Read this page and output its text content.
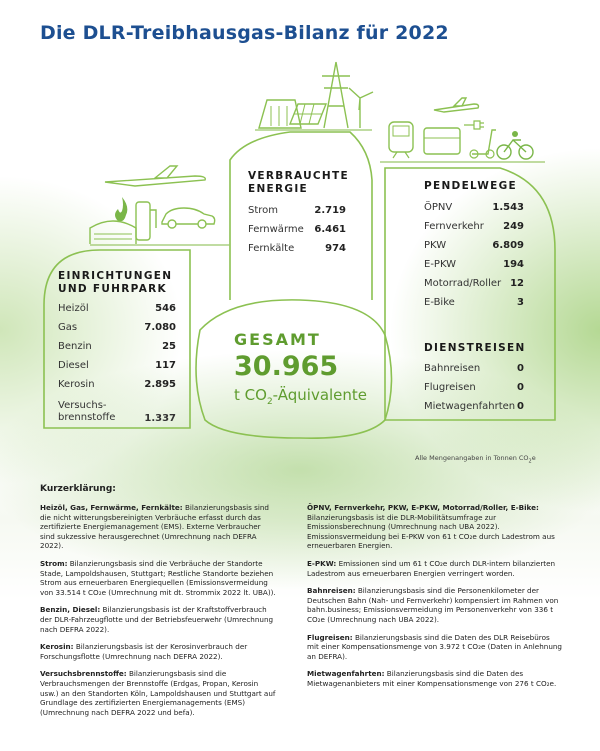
Die DLR-Treibhausgas-Bilanz für 2022
EINRICHTUNGEN
UND FUHRPARK
Heizöl	546
Gas	7.080
Benzin	25
Diesel	117
Kerosin	2.895
Versuchs-
brennstoffe	1.337
VERBRAUCHTE
ENERGIE
Strom	2.719
Fernwärme 6.461
Fernkälte	974
PENDELWEGE
ÖPNV	1.543
Fernverkehr 249
PKW	6.809
E-PKW	194
Motorrad/Roller 12
E-Bike	3
DIENSTREISEN
Bahnreisen	0
Flugreisen	0
Mietwagenfahrten 0
GESAMT
30.965
t $CO_2$-Äquivalente
Alle Mengenangaben in Tonnen $CO_2e$
Kurzerklärung:

Heizöl, Gas, Fernwärme, Fernkälte: Bilanzierungsbasis sind die nicht witterungsbereinigten Verbräuche erfasst durch das zertifizierte Energiemanagement (EMS). Externe Verbraucher sind sukzessive herausgerechnet (Umrechnung nach DEFRA 2022).

Strom: Bilanzierungsbasis sind die Verbräuche der Standorte Stade, Lampoldshausen, Stuttgart; Restliche Standorte beziehen Strom aus erneuerbaren Energiequellen (Emissionsvermeidung von 33.514 t CO₂e (Umrechnung mit dt. Strommix 2022 lt. UBA)).

Benzin, Diesel: Bilanzierungsbasis ist der Kraftstoffverbrauch der DLR-Fahrzeugflotte und der Betriebsfeuerwehr (Umrechnung nach DEFRA 2022).

Kerosin: Bilanzierungsbasis ist der Kerosinverbrauch der Forschungsflotte (Umrechnung nach DEFRA 2022).

Versuchsbrennstoffe: Bilanzierungsbasis sind die Verbrauchsmengen der Brennstoffe (Erdgas, Propan, Kerosin usw.) an den Standorten Köln, Lampoldshausen und Stuttgart auf Grundlage des zertifizierten Energiemanagements (EMS) (Umrechnung nach DEFRA 2022 und befa).

ÖPNV, Fernverkehr, PKW, E-PKW, Motorrad/Roller, E-Bike: Bilanzierungsbasis ist die DLR-Mobilitätsumfrage zur Emissionsberechnung (Umrechnung nach UBA 2022). Emissionsvermeidung bei E-PKW von 61 t CO₂e durch Ladestrom aus erneuerbaren Energien.

E-PKW: Emissionen sind um 61 t CO₂e durch DLR-intern bilanzierten Ladestrom aus erneuerbaren Energien verringert worden.

Bahnreisen: Bilanzierungsbasis sind die Personenkilometer der Deutschen Bahn (Nah- und Fernverkehr) kompensiert im Rahmen von bahn.business; Emissionsvermeidung im Personenverkehr von 336 t CO₂e (Umrechnung nach UBA 2022).

Flugreisen: Bilanzierungsbasis sind die Daten des DLR Reisebüros mit einer Kompensationsmenge von 3.972 t CO₂e (Daten in Anlehnung an DEFRA).

Mietwagenfahrten: Bilanzierungsbasis sind die Daten des Mietwagenanbieters mit einer Kompensationsmenge von 276 t CO₂e.
